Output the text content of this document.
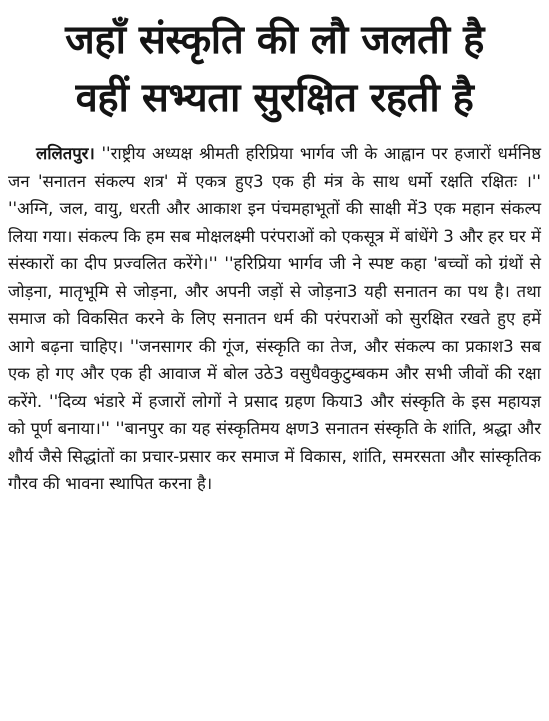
जहाँ संस्कृति की लौ जलती है
वहीं सभ्यता सुरक्षित रहती है
ललितपुर। ''राष्ट्रीय अध्यक्ष श्रीमती हरिप्रिया भार्गव जी के आह्वान पर हजारों धर्मनिष्ठ जन 'सनातन संकल्प शत्र' में एकत्र हुए3 एक ही मंत्र के साथ धर्मो रक्षति रक्षितः ।'' ''अग्नि, जल, वायु, धरती और आकाश इन पंचमहाभूतों की साक्षी में3 एक महान संकल्प लिया गया। संकल्प कि हम सब मोक्षलक्ष्मी परंपराओं को एकसूत्र में बांधेंगे 3 और हर घर में संस्कारों का दीप प्रज्वलित करेंगे।'' ''हरिप्रिया भार्गव जी ने स्पष्ट कहा 'बच्चों को ग्रंथों से जोड़ना, मातृभूमि से जोड़ना, और अपनी जड़ों से जोड़ना3 यही सनातन का पथ है। तथा समाज को विकसित करने के लिए सनातन धर्म की परंपराओं को सुरक्षित रखते हुए हमें आगे बढ़ना चाहिए। ''जनसागर की गूंज, संस्कृति का तेज, और संकल्प का प्रकाश3 सब एक हो गए और एक ही आवाज में बोल उठे3 वसुधैवकुटुम्बकम और सभी जीवों की रक्षा करेंगे. ''दिव्य भंडारे में हजारों लोगों ने प्रसाद ग्रहण किया3 और संस्कृति के इस महायज्ञ को पूर्ण बनाया।'' ''बानपुर का यह संस्कृतिमय क्षण3 सनातन संस्कृति के शांति, श्रद्धा और शौर्य जैसे सिद्धांतों का प्रचार-प्रसार कर समाज में विकास, शांति, समरसता और सांस्कृतिक गौरव की भावना स्थापित करना है।
